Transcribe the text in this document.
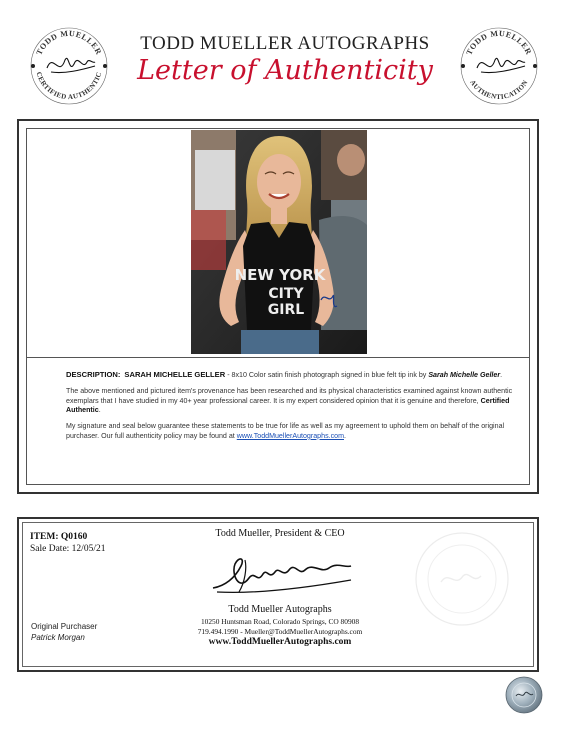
TODD MUELLER
CERTIFIED AUTHENTIC
TODD MUELLER
AUTHENTICATION
TODD MUELLER AUTOGRAPHS
Letter of Authenticity
NEW YORK
CITY
GIRL

DESCRIPTION: SARAH MICHELLE GELLER - 8x10 Color satin finish photograph signed in blue felt tip ink by Sarah Michelle Geller.

The above mentioned and pictured item's provenance has been researched and its physical characteristics examined against known authentic exemplars that I have studied in my 40+ year professional career. It is my expert considered opinion that it is genuine and therefore, Certified Authentic.

My signature and seal below guarantee these statements to be true for life as well as my agreement to uphold them on behalf of the original purchaser. Our full authenticity policy may be found at www.ToddMuellerAutographs.com.

ITEM: Q0160
Sale Date: 12/05/21
Original Purchaser
Patrick Morgan
Todd Mueller, President & CEO
Todd Mueller Autographs
10250 Huntsman Road, Colorado Springs, CO 80908
719.494.1990 - Mueller@ToddMuellerAutographs.com
www.ToddMuellerAutographs.com
